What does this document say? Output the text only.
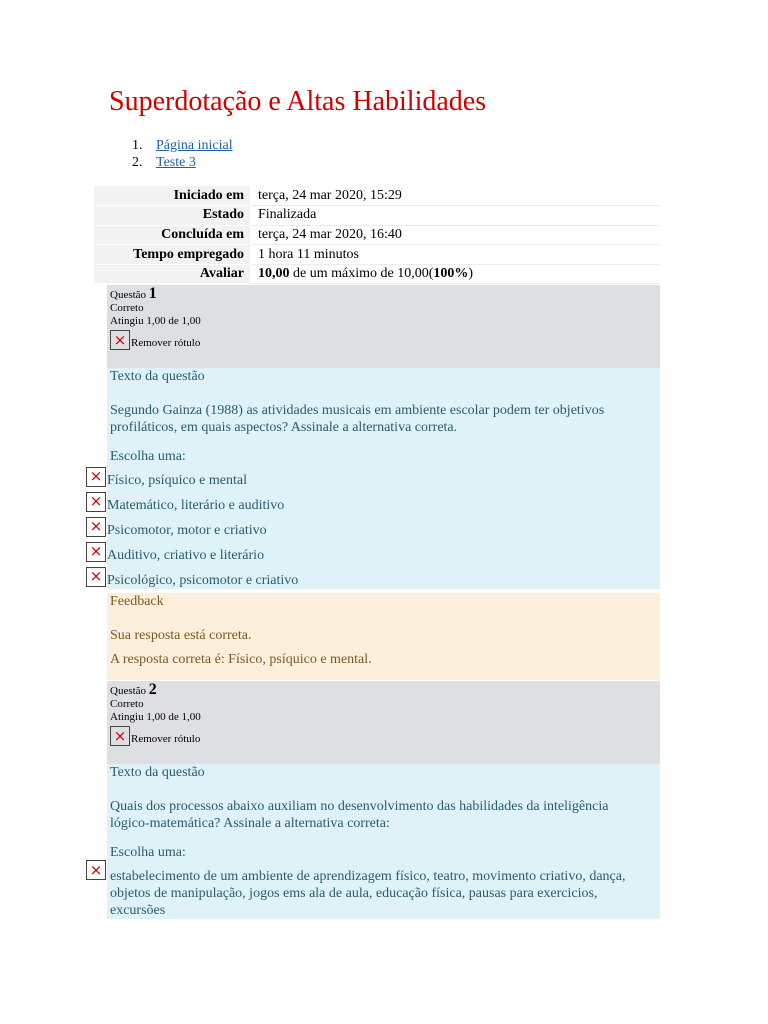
Superdotação e Altas Habilidades
1. Página inicial
2. Teste 3
Iniciado em	terça, 24 mar 2020, 15:29
Estado	Finalizada
Concluída em	terça, 24 mar 2020, 16:40
Tempo empregado	1 hora 11 minutos
Avaliar	10,00 de um máximo de 10,00(100%)
Questão 1
Correto
Atingiu 1,00 de 1,00
× Remover rótulo

Texto da questão

Segundo Gainza (1988) as atividades musicais em ambiente escolar podem ter objetivos profiláticos, em quais aspectos? Assinale a alternativa correta.

Escolha uma:

× Físico, psíquico e mental
× Matemático, literário e auditivo
× Psicomotor, motor e criativo
× Auditivo, criativo e literário
× Psicológico, psicomotor e criativo

Feedback

Sua resposta está correta.

A resposta correta é: Físico, psíquico e mental.

Questão 2
Correto
Atingiu 1,00 de 1,00
× Remover rótulo

Texto da questão

Quais dos processos abaixo auxiliam no desenvolvimento das habilidades da inteligência lógico-matemática? Assinale a alternativa correta:

Escolha uma:

× estabelecimento de um ambiente de aprendizagem físico, teatro, movimento criativo, dança, objetos de manipulação, jogos ems ala de aula, educação física, pausas para exercicios, excursões
